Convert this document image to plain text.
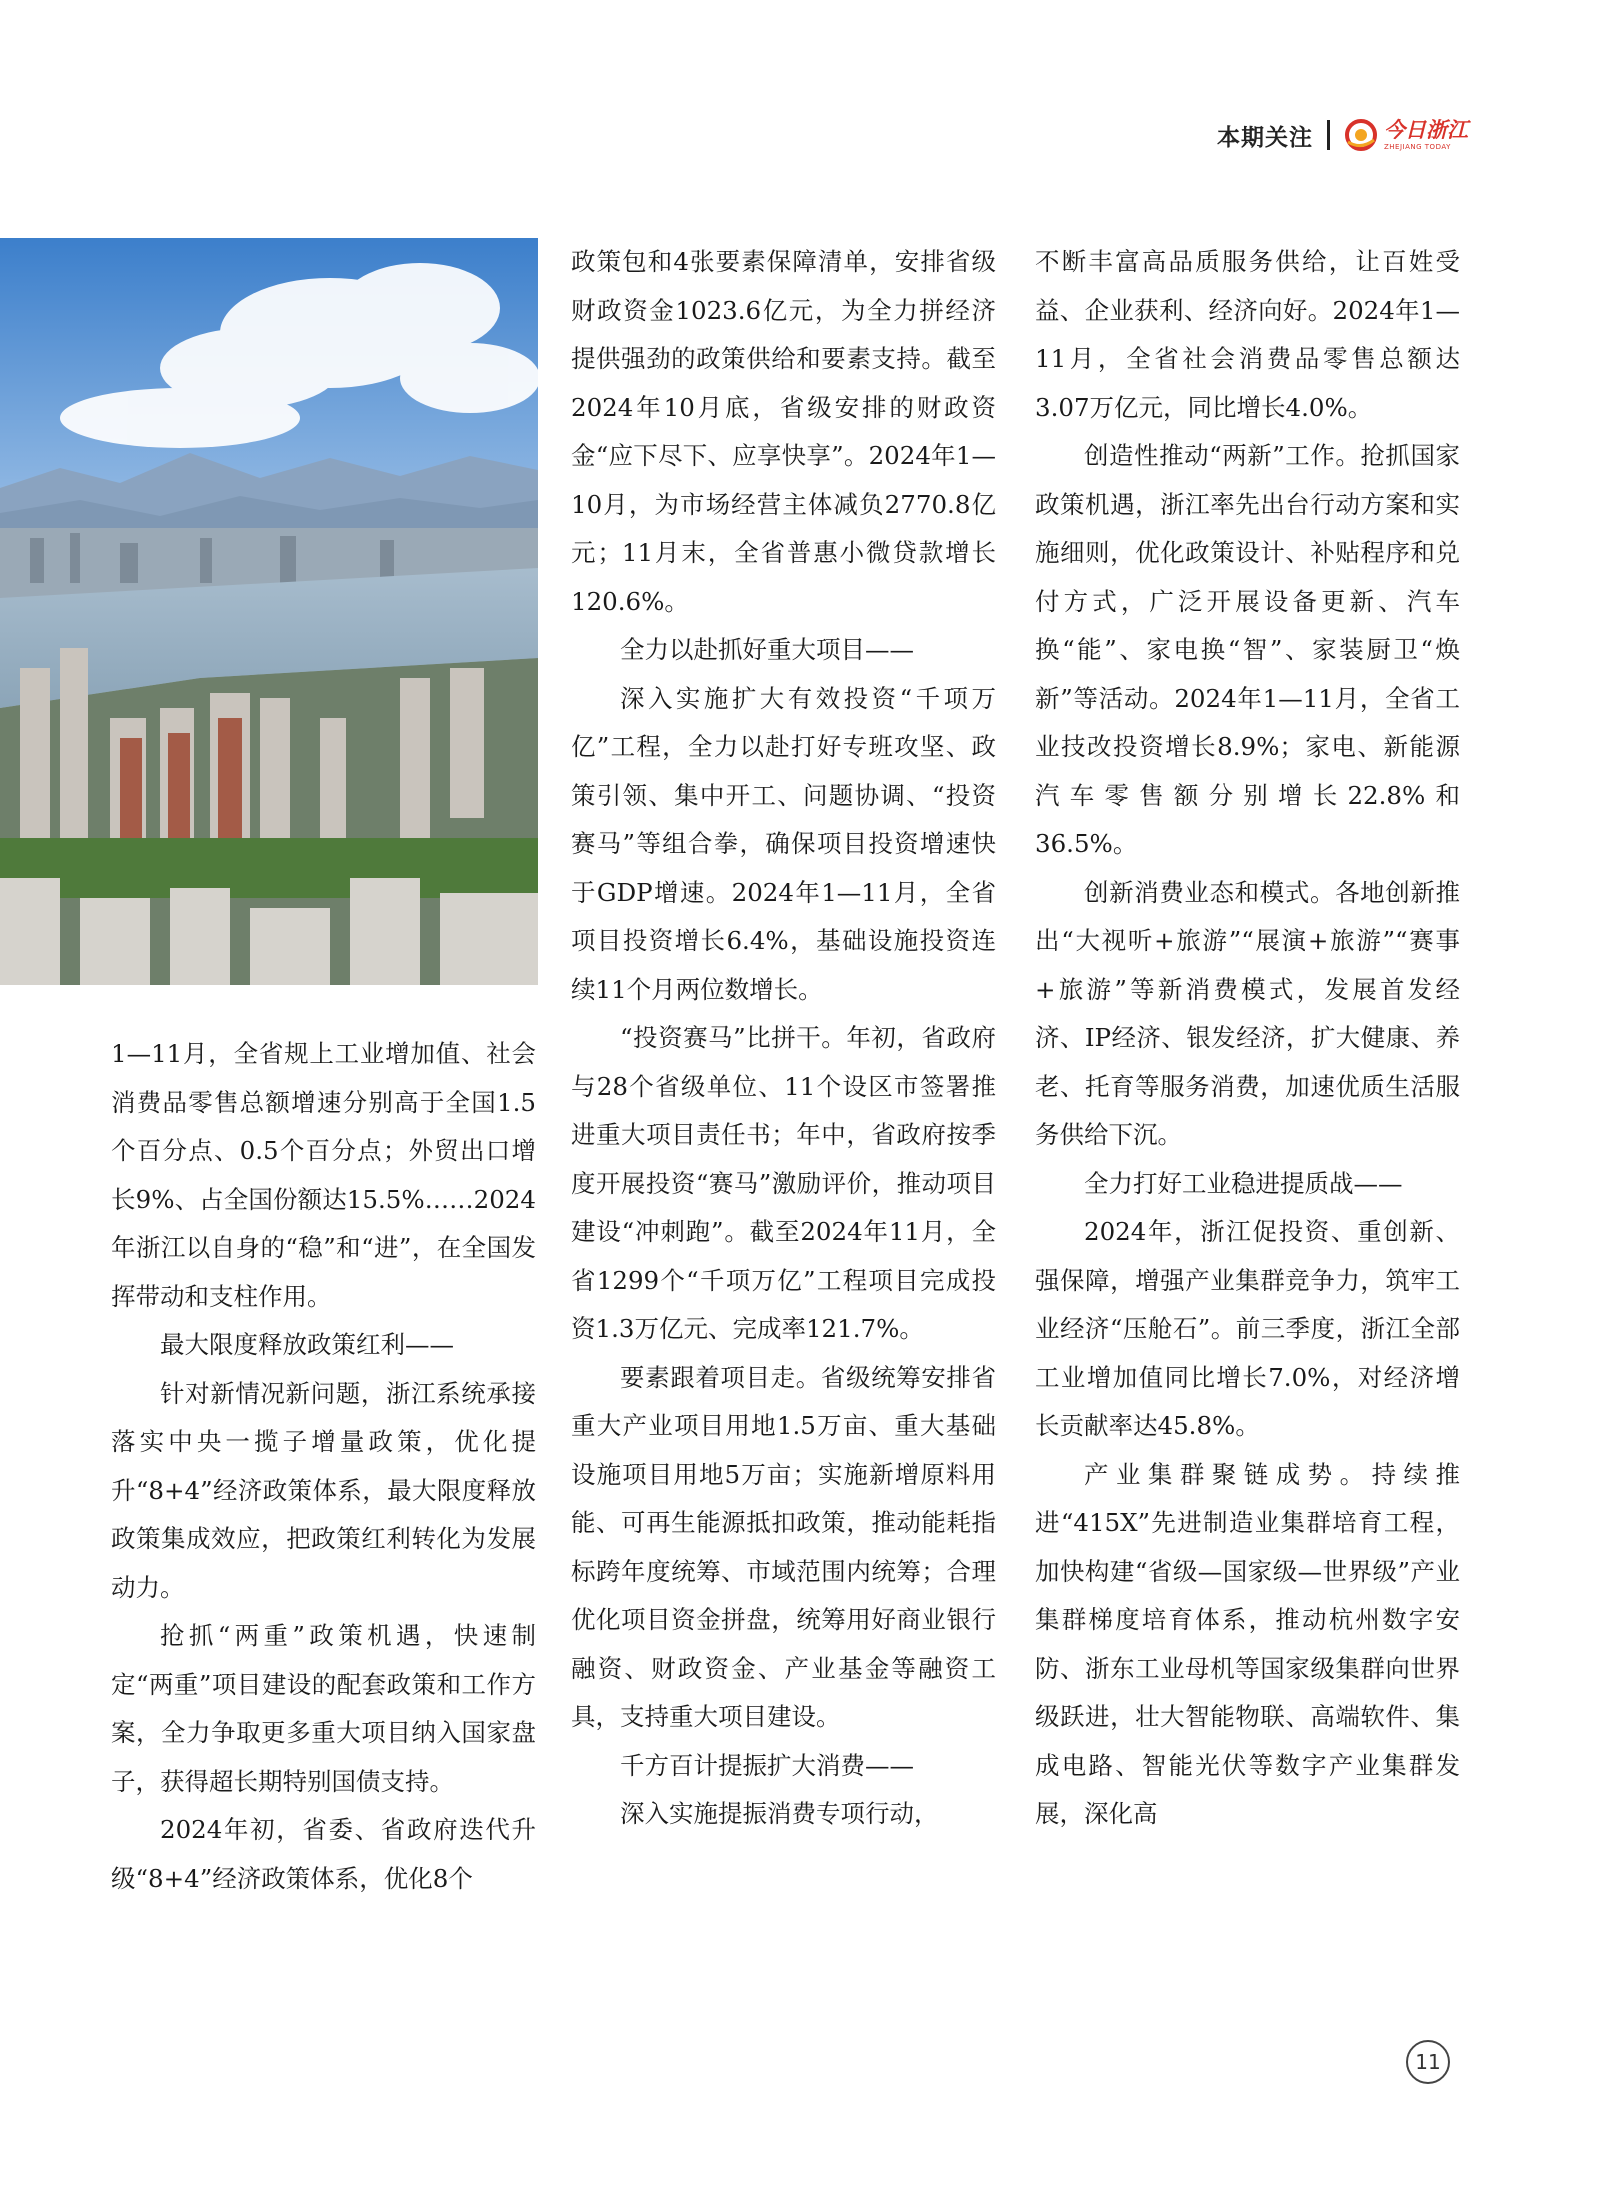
本期关注	今日浙江
ZHEJIANG TODAY

1—11月，全省规上工业增加值、社会消费品零售总额增速分别高于全国1.5个百分点、0.5个百分点；外贸出口增长9%、占全国份额达15.5%……2024年浙江以自身的“稳”和“进”，在全国发挥带动和支柱作用。

最大限度释放政策红利——

针对新情况新问题，浙江系统承接落实中央一揽子增量政策，优化提升“8+4”经济政策体系，最大限度释放政策集成效应，把政策红利转化为发展动力。

抢抓“两重”政策机遇，快速制定“两重”项目建设的配套政策和工作方案，全力争取更多重大项目纳入国家盘子，获得超长期特别国债支持。

2024年初，省委、省政府迭代升级“8+4”经济政策体系，优化8个

政策包和4张要素保障清单，安排省级财政资金1023.6亿元，为全力拼经济提供强劲的政策供给和要素支持。截至2024年10月底，省级安排的财政资金“应下尽下、应享快享”。2024年1—10月，为市场经营主体减负2770.8亿元；11月末，全省普惠小微贷款增长120.6%。

全力以赴抓好重大项目——

深入实施扩大有效投资“千项万亿”工程，全力以赴打好专班攻坚、政策引领、集中开工、问题协调、“投资赛马”等组合拳，确保项目投资增速快于GDP增速。2024年1—11月，全省项目投资增长6.4%，基础设施投资连续11个月两位数增长。

“投资赛马”比拼干。年初，省政府与28个省级单位、11个设区市签署推进重大项目责任书；年中，省政府按季度开展投资“赛马”激励评价，推动项目建设“冲刺跑”。截至2024年11月，全省1299个“千项万亿”工程项目完成投资1.3万亿元、完成率121.7%。

要素跟着项目走。省级统筹安排省重大产业项目用地1.5万亩、重大基础设施项目用地5万亩；实施新增原料用能、可再生能源抵扣政策，推动能耗指标跨年度统筹、市域范围内统筹；合理优化项目资金拼盘，统筹用好商业银行融资、财政资金、产业基金等融资工具，支持重大项目建设。

千方百计提振扩大消费——

深入实施提振消费专项行动，

不断丰富高品质服务供给，让百姓受益、企业获利、经济向好。2024年1—11月，全省社会消费品零售总额达3.07万亿元，同比增长4.0%。

创造性推动“两新”工作。抢抓国家政策机遇，浙江率先出台行动方案和实施细则，优化政策设计、补贴程序和兑付方式，广泛开展设备更新、汽车换“能”、家电换“智”、家装厨卫“焕新”等活动。2024年1—11月，全省工业技改投资增长8.9%；家电、新能源汽车零售额分别增长22.8%和36.5%。

创新消费业态和模式。各地创新推出“大视听+旅游”“展演+旅游”“赛事+旅游”等新消费模式，发展首发经济、IP经济、银发经济，扩大健康、养老、托育等服务消费，加速优质生活服务供给下沉。

全力打好工业稳进提质战——

2024年，浙江促投资、重创新、强保障，增强产业集群竞争力，筑牢工业经济“压舱石”。前三季度，浙江全部工业增加值同比增长7.0%，对经济增长贡献率达45.8%。

产业集群聚链成势。持续推进“415X”先进制造业集群培育工程，加快构建“省级—国家级—世界级”产业集群梯度培育体系，推动杭州数字安防、浙东工业母机等国家级集群向世界级跃进，壮大智能物联、高端软件、集成电路、智能光伏等数字产业集群发展，深化高

11
